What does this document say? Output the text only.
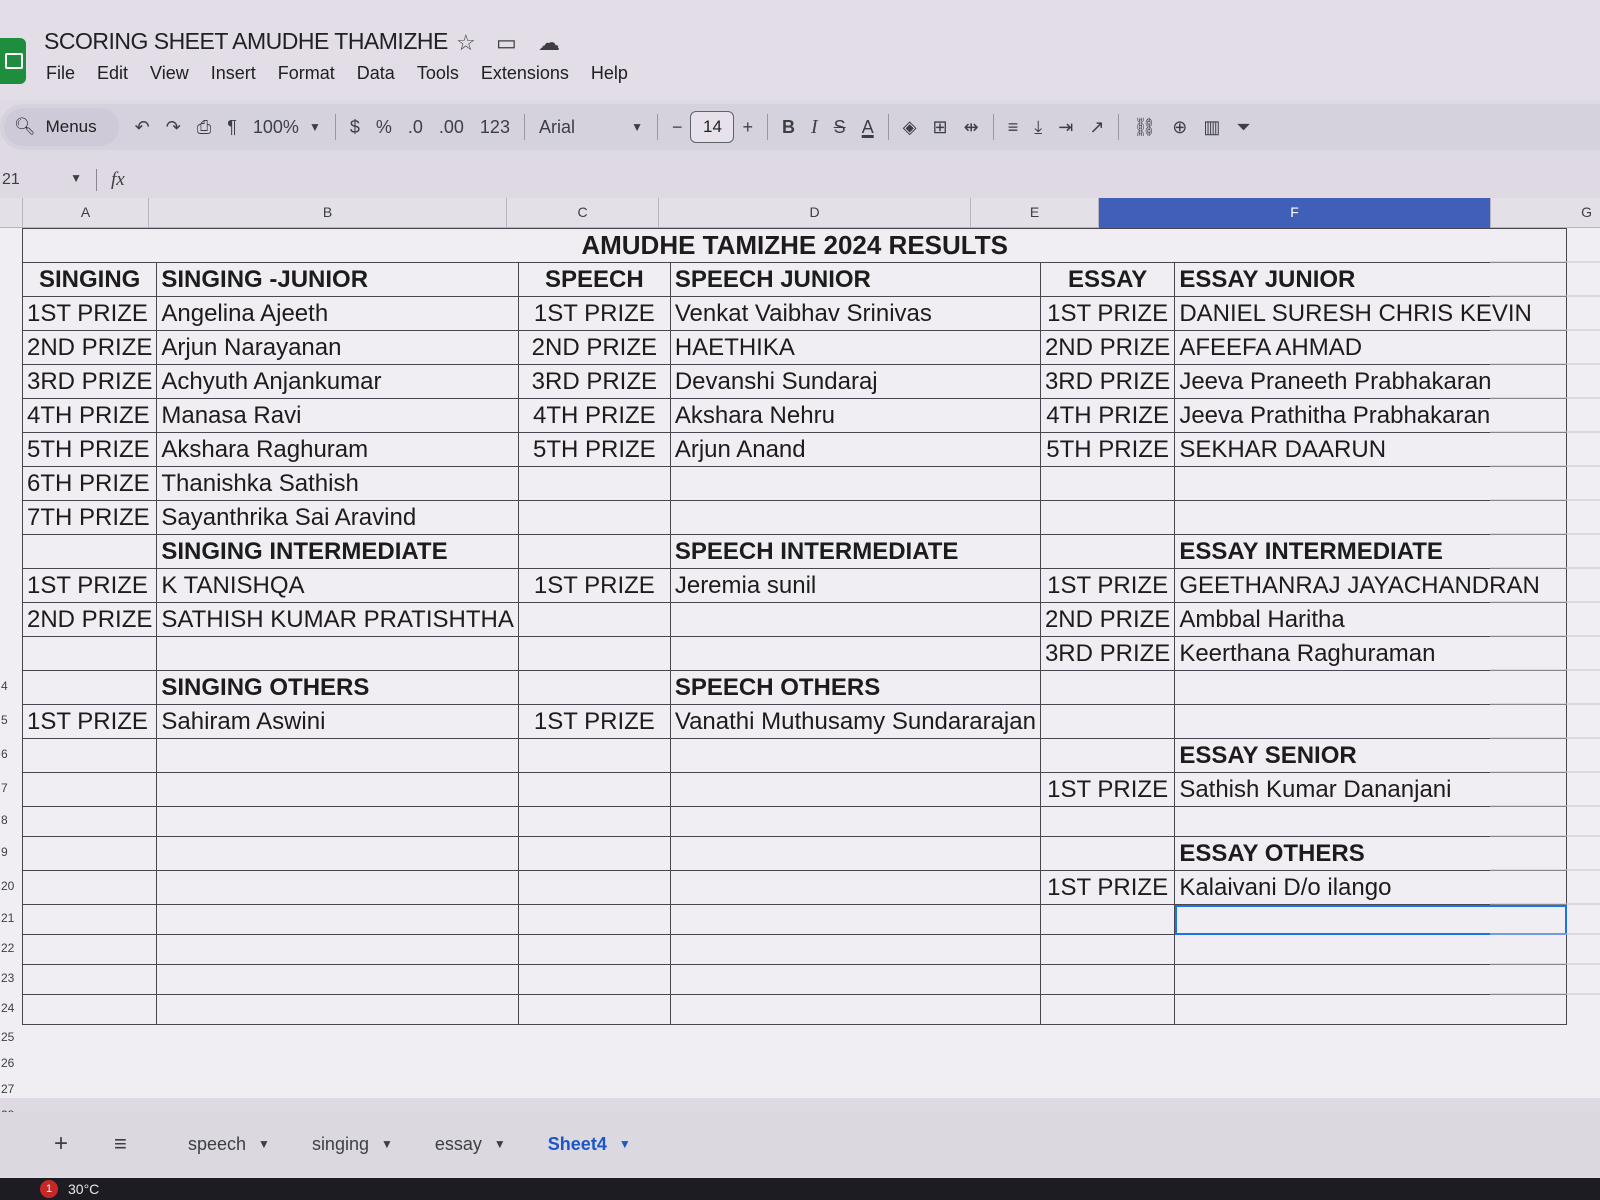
SCORING SHEET AMUDHE THAMIZHE ☆ ▭ ☁
File Edit View Insert Format Data Tools Extensions Help
🔍︎ Menus	↶ ↷ ⎙ ¶ 100%
▼	$ % .0 .00 123	Arial	▼	−	14	+	B I S A	◈ ⊞ ⇹	≡ ⤓ ⇥ ↗	⛓ ⊕ ▥ ⏷
21	▼	fx
A	B	C	D	E	F	G
4
5
6
7
8
9
20
21
22
23
24
25
26
27
AMUDHE TAMIZHE 2024 RESULTS					
SINGING	SINGING -JUNIOR	SPEECH	SPEECH JUNIOR	ESSAY	ESSAY JUNIOR
1ST PRIZE	Angelina Ajeeth	1ST PRIZE	Venkat Vaibhav Srinivas	1ST PRIZE	DANIEL SURESH CHRIS KEVIN
2ND PRIZE	Arjun Narayanan	2ND PRIZE	HAETHIKA	2ND PRIZE	AFEEFA AHMAD
3RD PRIZE	Achyuth Anjankumar	3RD PRIZE	Devanshi Sundaraj	3RD PRIZE	Jeeva Praneeth Prabhakaran
4TH PRIZE	Manasa Ravi	4TH PRIZE	Akshara Nehru	4TH PRIZE	Jeeva Prathitha Prabhakaran
5TH PRIZE	Akshara Raghuram	5TH PRIZE	Arjun Anand	5TH PRIZE	SEKHAR DAARUN
6TH PRIZE	Thanishka Sathish				
7TH PRIZE	Sayanthrika Sai Aravind				
	SINGING INTERMEDIATE		SPEECH INTERMEDIATE		ESSAY INTERMEDIATE
1ST PRIZE	K TANISHQA	1ST PRIZE	Jeremia sunil	1ST PRIZE	GEETHANRAJ JAYACHANDRAN
2ND PRIZE	SATHISH KUMAR PRATISHTHA			2ND PRIZE	Ambbal Haritha
				3RD PRIZE	Keerthana Raghuraman
	SINGING OTHERS		SPEECH OTHERS		
1ST PRIZE	Sahiram Aswini	1ST PRIZE	Vanathi Muthusamy Sundararajan		
					ESSAY SENIOR
				1ST PRIZE	Sathish Kumar Dananjani

					ESSAY OTHERS
				1ST PRIZE	Kalaivani D/o ilango

+	≡	speech ▼ singing ▼ essay ▼ Sheet4 ▼
1	30°C
